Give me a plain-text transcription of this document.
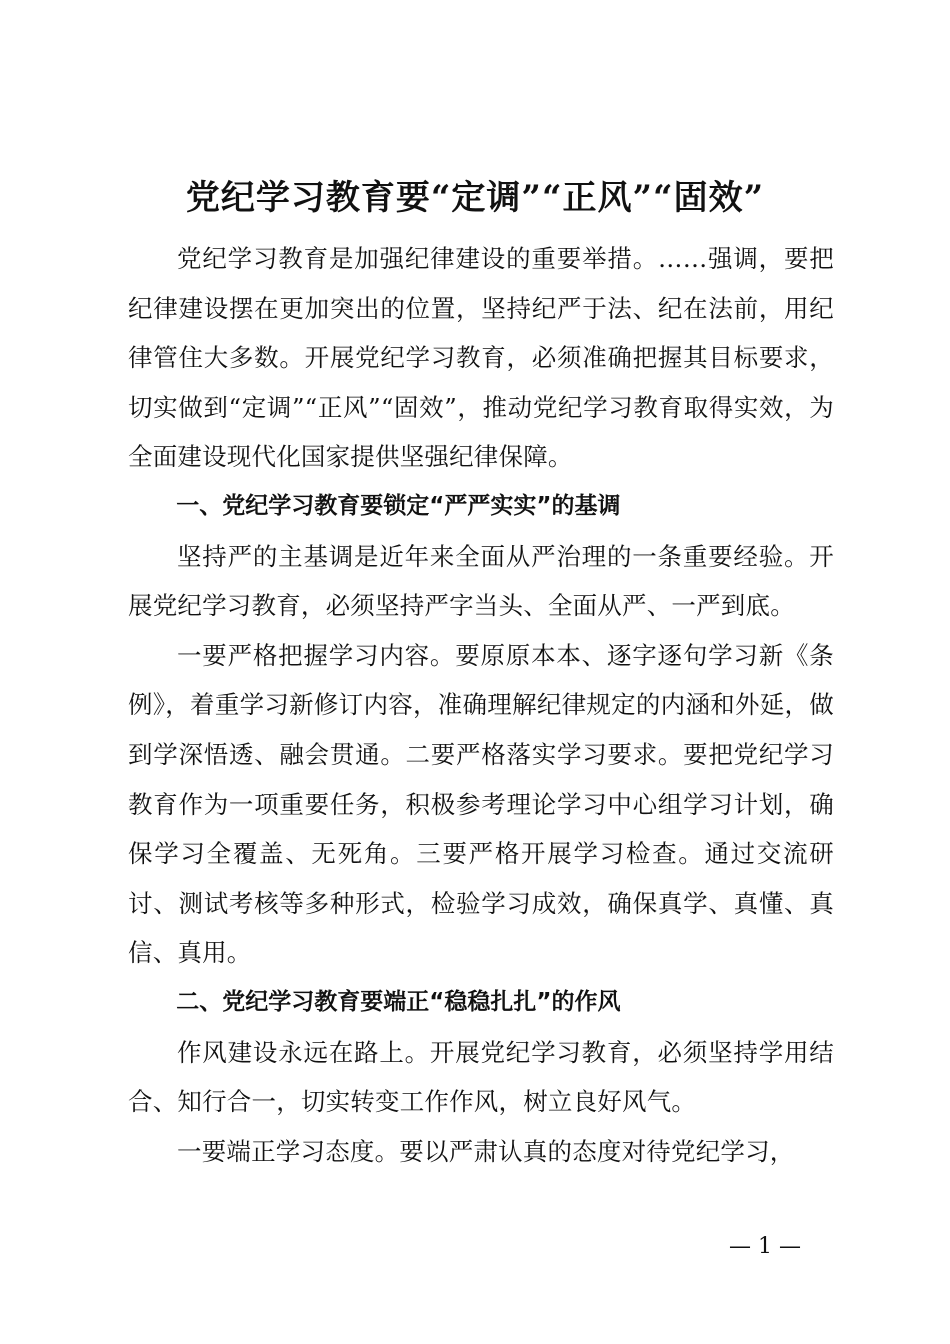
党纪学习教育要“定调”“正风”“固效”

党纪学习教育是加强纪律建设的重要举措。……强调，要把纪律建设摆在更加突出的位置，坚持纪严于法、纪在法前，用纪律管住大多数。开展党纪学习教育，必须准确把握其目标要求，切实做到“定调”“正风”“固效”，推动党纪学习教育取得实效，为全面建设现代化国家提供坚强纪律保障。

一、党纪学习教育要锁定“严严实实”的基调

坚持严的主基调是近年来全面从严治理的一条重要经验。开展党纪学习教育，必须坚持严字当头、全面从严、一严到底。

一要严格把握学习内容。要原原本本、逐字逐句学习新《条例》，着重学习新修订内容，准确理解纪律规定的内涵和外延，做到学深悟透、融会贯通。二要严格落实学习要求。要把党纪学习教育作为一项重要任务，积极参考理论学习中心组学习计划，确保学习全覆盖、无死角。三要严格开展学习检查。通过交流研讨、测试考核等多种形式，检验学习成效，确保真学、真懂、真信、真用。

二、党纪学习教育要端正“稳稳扎扎”的作风

作风建设永远在路上。开展党纪学习教育，必须坚持学用结合、知行合一，切实转变工作作风，树立良好风气。

一要端正学习态度。要以严肃认真的态度对待党纪学习，

— 1 —
